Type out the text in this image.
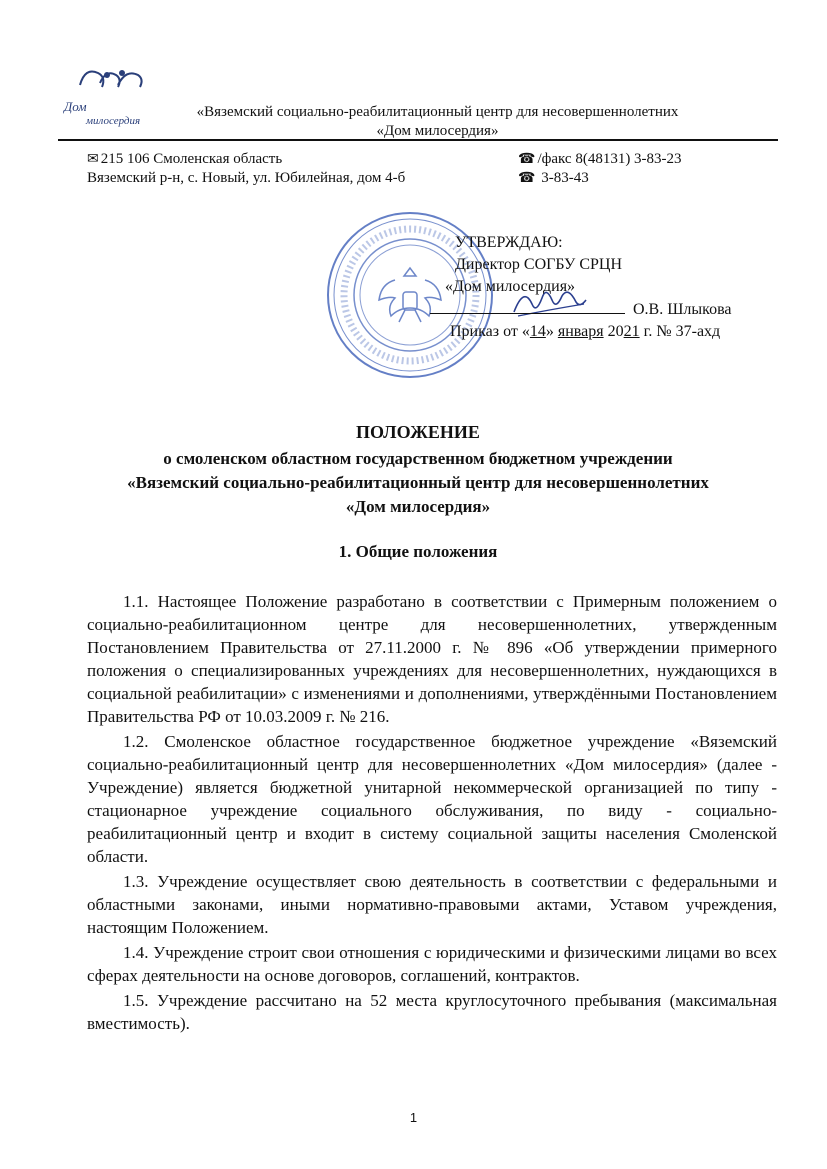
Дом
милосердия
«Вяземский социально-реабилитационный центр для несовершеннолетних
«Дом милосердия»
✉ 215 106 Смоленская область
Вяземский р-н, с. Новый, ул. Юбилейная, дом 4-б
☎ /факс 8(48131) 3-83-23
☎ 3-83-43
УТВЕРЖДАЮ:
Директор СОГБУ СРЦН
«Дом милосердия»
О.В. Шлыкова
Приказ от «14» января 2021 г. № 37-ахд
ПОЛОЖЕНИЕ
о смоленском областном государственном бюджетном учреждении
«Вяземский социально-реабилитационный центр для несовершеннолетних
«Дом милосердия»
1. Общие положения

1.1. Настоящее Положение разработано в соответствии с Примерным положением о социально-реабилитационном центре для несовершеннолетних, утвержденным Постановлением Правительства от 27.11.2000 г. № 896 «Об утверждении примерного положения о специализированных учреждениях для несовершеннолетних, нуждающихся в социальной реабилитации» с изменениями и дополнениями, утверждёнными Постановлением Правительства РФ от 10.03.2009 г. № 216.

1.2. Смоленское областное государственное бюджетное учреждение «Вяземский социально-реабилитационный центр для несовершеннолетних «Дом милосердия» (далее - Учреждение) является бюджетной унитарной некоммерческой организацией по типу - стационарное учреждение социального обслуживания, по виду - социально-реабилитационный центр и входит в систему социальной защиты населения Смоленской области.

1.3. Учреждение осуществляет свою деятельность в соответствии с федеральными и областными законами, иными нормативно-правовыми актами, Уставом учреждения, настоящим Положением.

1.4. Учреждение строит свои отношения с юридическими и физическими лицами во всех сферах деятельности на основе договоров, соглашений, контрактов.

1.5. Учреждение рассчитано на 52 места круглосуточного пребывания (максимальная вместимость).

1
